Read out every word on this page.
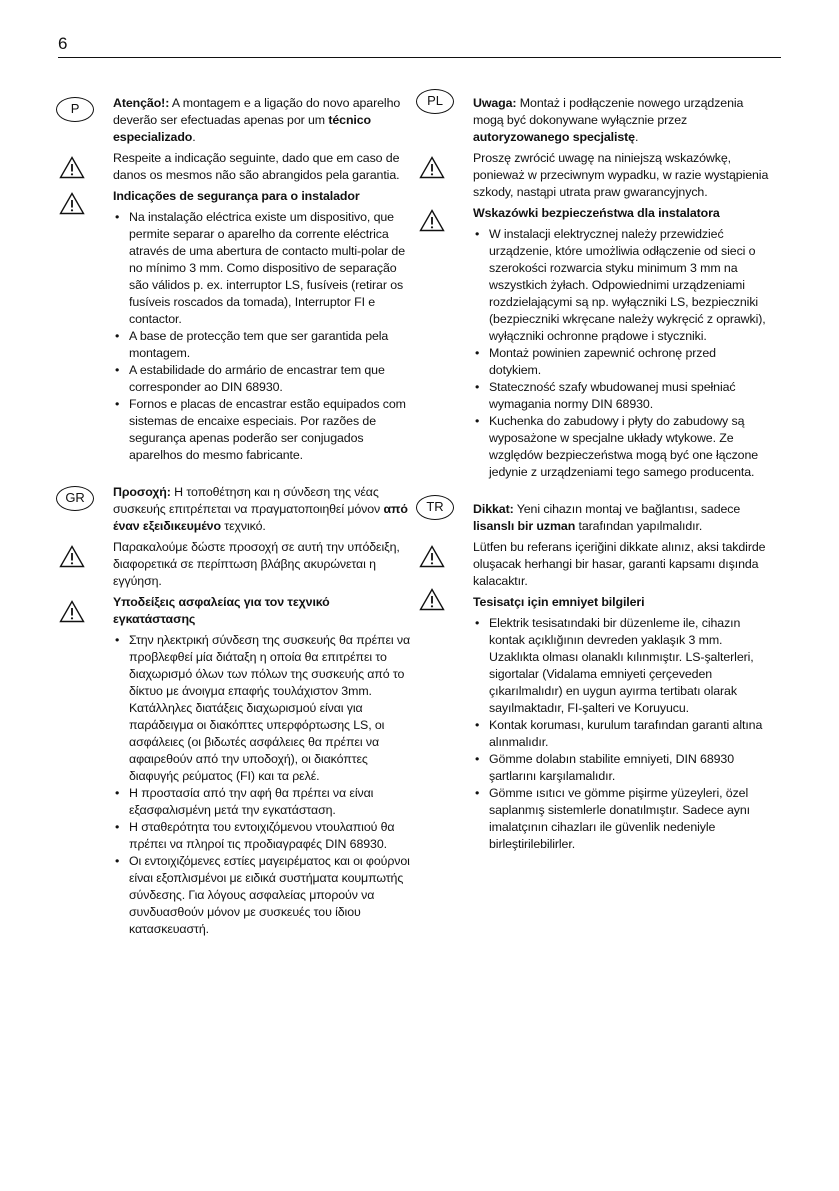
6
P	Atenção!: A montagem e a ligação do novo aparelho deverão ser efectuadas apenas por um técnico especializado.
Respeite a indicação seguinte, dado que em caso de danos os mesmos não são abrangidos pela garantia.
Indicações de segurança para o instalador
• Na instalação eléctrica existe um dispositivo, que permite separar o aparelho da corrente eléctrica através de uma abertura de contacto multi-polar de no mínimo 3 mm. Como dispositivo de separação são válidos p. ex. interruptor LS, fusíveis (retirar os fusíveis roscados da tomada), Interruptor FI e contactor.
• A base de protecção tem que ser garantida pela montagem.
• A estabilidade do armário de encastrar tem que corresponder ao DIN 68930.
• Fornos e placas de encastrar estão equipados com sistemas de encaixe especiais. Por razões de segurança apenas poderão ser conjugados aparelhos do mesmo fabricante.
GR	Προσοχή: Η τοποθέτηση και η σύνδεση της νέας συσκευής επιτρέπεται να πραγματοποιηθεί μόνον από έναν εξειδικευμένο τεχνικό.
Παρακαλούμε δώστε προσοχή σε αυτή την υπόδειξη, διαφορετικά σε περίπτωση βλάβης ακυρώνεται η εγγύηση.
Υποδείξεις ασφαλείας για τον τεχνικό εγκατάστασης
• Στην ηλεκτρική σύνδεση της συσκευής θα πρέπει να προβλεφθεί μία διάταξη η οποία θα επιτρέπει το διαχωρισμό όλων των πόλων της συσκευής από το δίκτυο με άνοιγμα επαφής τουλάχιστον 3mm. Κατάλληλες διατάξεις διαχωρισμού είναι για παράδειγμα οι διακόπτες υπερφόρτωσης LS, οι ασφάλειες (οι βιδωτές ασφάλειες θα πρέπει να αφαιρεθούν από την υποδοχή), οι διακόπτες διαφυγής ρεύματος (FI) και τα ρελέ.
• Η προστασία από την αφή θα πρέπει να είναι εξασφαλισμένη μετά την εγκατάσταση.
• Η σταθερότητα του εντοιχιζόμενου ντουλαπιού θα πρέπει να πληροί τις προδιαγραφές DIN 68930.
• Οι εντοιχιζόμενες εστίες μαγειρέματος και οι φούρνοι είναι εξοπλισμένοι με ειδικά συστήματα κουμπωτής σύνδεσης. Για λόγους ασφαλείας μπορούν να συνδυασθούν μόνον με συσκευές του ίδιου κατασκευαστή.
PL	Uwaga: Montaż i podłączenie nowego urządzenia mogą być dokonywane wyłącznie przez autoryzowanego specjalistę.
Proszę zwrócić uwagę na niniejszą wskazówkę, ponieważ w przeciwnym wypadku, w razie wystąpienia szkody, nastąpi utrata praw gwarancyjnych.
Wskazówki bezpieczeństwa dla instalatora
• W instalacji elektrycznej należy przewidzieć urządzenie, które umożliwia odłączenie od sieci o szerokości rozwarcia styku minimum 3 mm na wszystkich żyłach. Odpowiednimi urządzeniami rozdzielającymi są np. wyłączniki LS, bezpieczniki (bezpieczniki wkręcane należy wykręcić z oprawki), wyłączniki ochronne prądowe i styczniki.
• Montaż powinien zapewnić ochronę przed dotykiem.
• Stateczność szafy wbudowanej musi spełniać wymagania normy DIN 68930.
• Kuchenka do zabudowy i płyty do zabudowy są wyposażone w specjalne układy wtykowe. Ze względów bezpieczeństwa mogą być one łączone jedynie z urządzeniami tego samego producenta.
TR	Dikkat: Yeni cihazın montaj ve bağlantısı, sadece lisanslı bir uzman tarafından yapılmalıdır.
Lütfen bu referans içeriğini dikkate alınız, aksi takdirde oluşacak herhangi bir hasar, garanti kapsamı dışında kalacaktır.
Tesisatçı için emniyet bilgileri
• Elektrik tesisatındaki bir düzenleme ile, cihazın kontak açıklığının devreden yaklaşık 3 mm. Uzaklıkta olması olanaklı kılınmıştır. LS-şalterleri, sigortalar (Vidalama emniyeti çerçeveden çıkarılmalıdır) en uygun ayırma tertibatı olarak sayılmaktadır, FI-şalteri ve Koruyucu.
• Kontak koruması, kurulum tarafından garanti altına alınmalıdır.
• Gömme dolabın stabilite emniyeti, DIN 68930 şartlarını karşılamalıdır.
• Gömme ısıtıcı ve gömme pişirme yüzeyleri, özel saplanmış sistemlerle donatılmıştır. Sadece aynı imalatçının cihazları ile güvenlik nedeniyle birleştirilebilirler.
